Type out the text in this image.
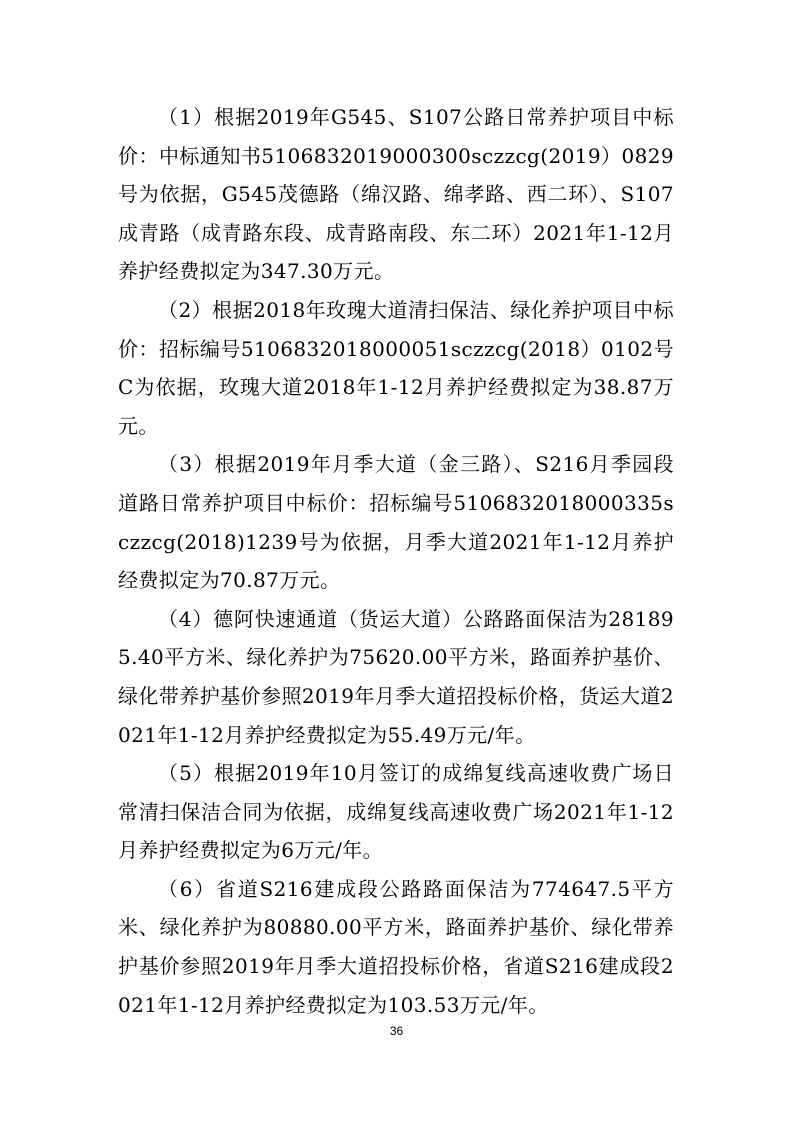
（1）根据2019年G545、S107公路日常养护项目中标价：中标通知书510683201900030​0sczzcg(2019）0829号为依据，G545茂德路（绵汉路、绵孝路、西二环）、S107成青路（成青路东段、成青路南段、东二环）2021年1-12月养护经费拟定为347.30万元。

（2）根据2018年玫瑰大道清扫保洁、绿化养护项目中标价：招标编号510683201800005​1sczzcg(2018）0102号C为依据，玫瑰大道2018年1-12月养护经费拟定为38.87万元。

（3）根据2019年月季大道（金三路）、S216月季园段道路日常养护项目中标价：招标编号510683201800033​5sczzcg(2018)1239号为依据，月季大道2021年1-12月养护经费拟定为70.87万元。

（4）德阿快速通道（货运大道）公路路面保洁为281895.40平方米、绿化养护为75620.00平方米，路面养护基价、绿化带养护基价参照2019年月季大道招投标价格，货运大道2021年1-12月养护经费拟定为55.49万元/年。

（5）根据2019年10月签订的成绵复线高速收费广场日常清扫保洁合同为依据，成绵复线高速收费广场2021年1-12月养护经费拟定为6万元/年。

（6）省道S216建成段公路路面保洁为774647.5平方米、绿化养护为80880.00平方米，路面养护基价、绿化带养护基价参照2019年月季大道招投标价格，省道S216建成段2021年1-12月养护经费拟定为103.53万元/年。

36
